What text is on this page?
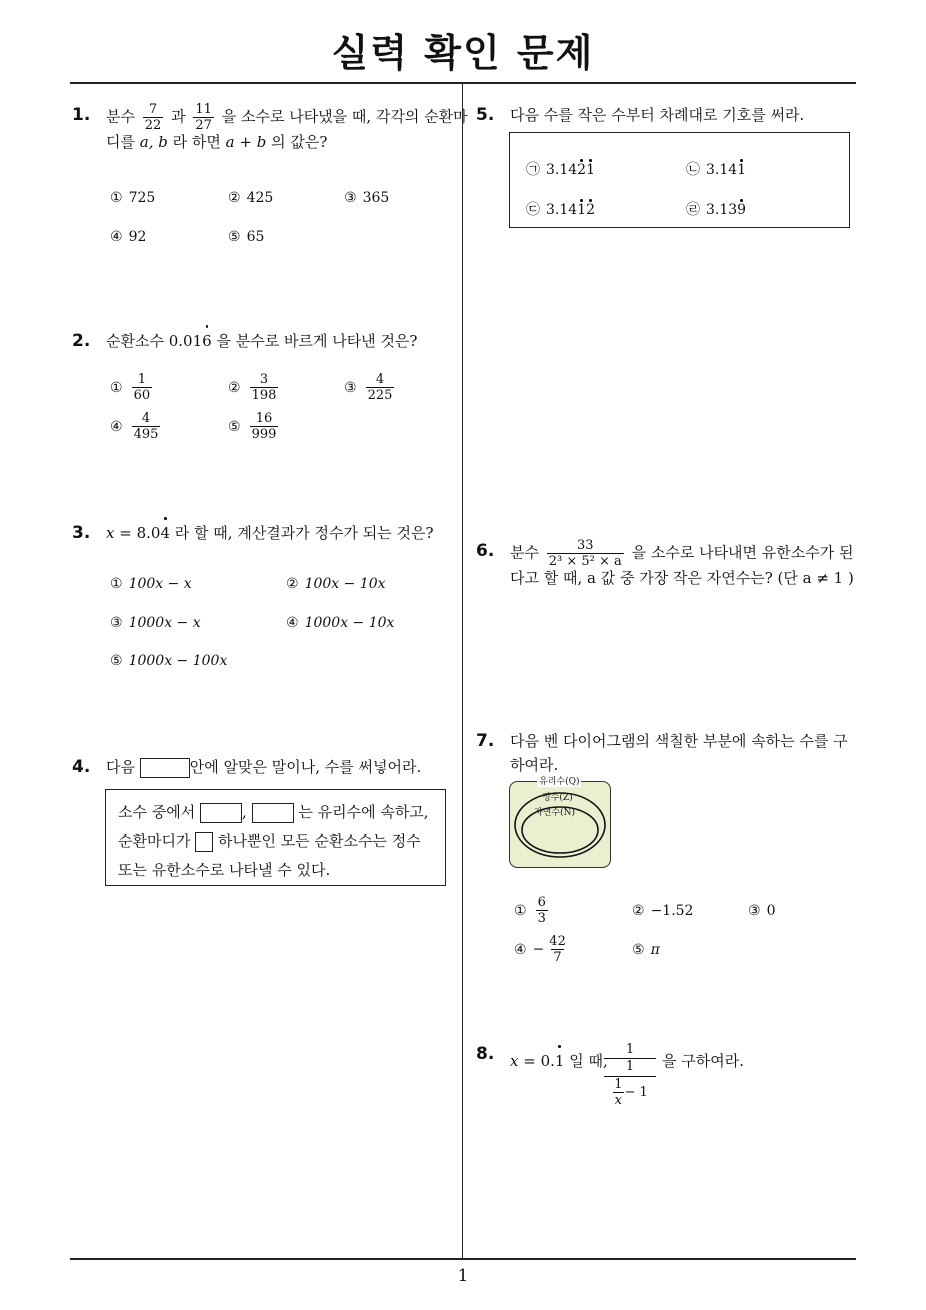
실력 확인 문제
1
1. 분수 $\frac{7}{22}$ 과 $\frac{11}{27}$ 을 소수로 나타냈을 때, 각각의 순환마
디를 a, b 라 하면 a + b 의 값은?
① 725	② 425	③ 365
④ 92	⑤ 65
2. 순환소수 0.016 을 분수로 바르게 나타낸 것은?
① $\frac{1}{60}$	② $\frac{3}{198}$	③ $\frac{4}{225}$
④ $\frac{4}{495}$	⑤ $\frac{16}{999}$
3. x = 8.04 라 할 때, 계산결과가 정수가 되는 것은?
① 100x − x	② 100x − 10x
③ 1000x − x	④ 1000x − 10x
⑤ 1000x − 100x
4. 다음	안에 알맞은 말이나, 수를 써넣어라.
소수 중에서	,	는 유리수에 속하고,
순환마디가 하나뿐인 모든 순환소수는 정수
또는 유한소수로 나타낼 수 있다.
5. 다음 수를 작은 수부터 차례대로 기호를 써라.
㉠ 3.1421	㉡ 3.141
㉢ 3.1412	㉣ 3.139
6. 분수 $\frac{33}{\text{2³ × 5² × a}}$ 을 소수로 나타내면 유한소수가 된
다고 할 때, a 값 중 가장 작은 자연수는? (단 a ≠ 1 )
7. 다음 벤 다이어그램의 색칠한 부분에 속하는 수를 구
하여라.
유리수(Q)
정수(Z)
자연수(N)
① $\frac{6}{3}$	② −1.52	③ 0
④ − $\frac{42}{7}$	⑤ π
8. x = 0.1 일 때,
1
1
$\frac{1}{x} - 1$
을 구하여라.
